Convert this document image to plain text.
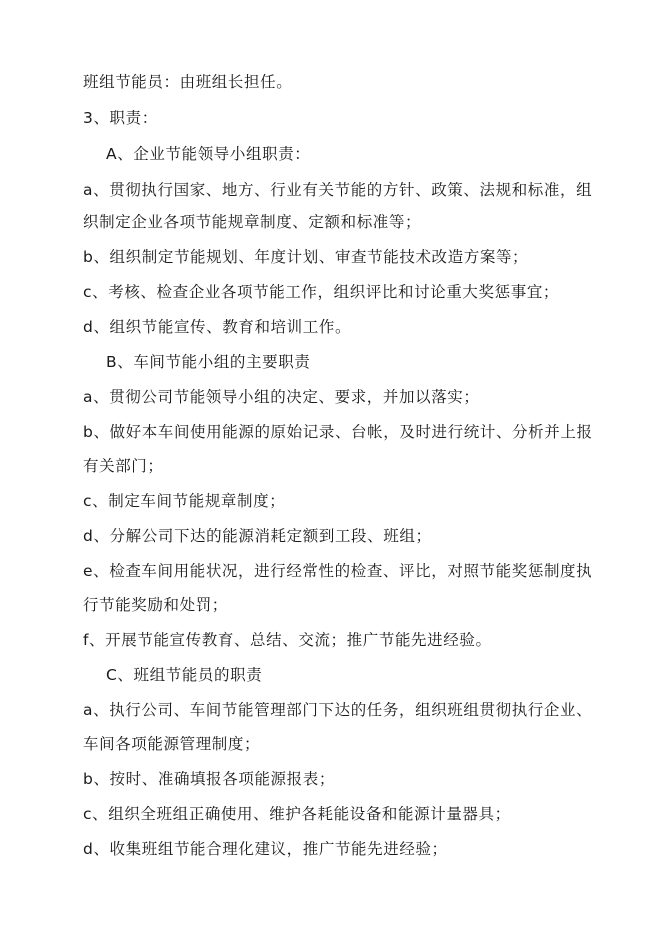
班组节能员：由班组长担任。
3、职责：
A、企业节能领导小组职责：
a、贯彻执行国家、地方、行业有关节能的方针、政策、法规和标准，组
织制定企业各项节能规章制度、定额和标准等；
b、组织制定节能规划、年度计划、审查节能技术改造方案等；
c、考核、检查企业各项节能工作，组织评比和讨论重大奖惩事宜；
d、组织节能宣传、教育和培训工作。
B、车间节能小组的主要职责
a、贯彻公司节能领导小组的决定、要求，并加以落实；
b、做好本车间使用能源的原始记录、台帐，及时进行统计、分析并上报
有关部门；
c、制定车间节能规章制度；
d、分解公司下达的能源消耗定额到工段、班组；
e、检查车间用能状况，进行经常性的检查、评比，对照节能奖惩制度执
行节能奖励和处罚；
f、开展节能宣传教育、总结、交流；推广节能先进经验。
C、班组节能员的职责
a、执行公司、车间节能管理部门下达的任务，组织班组贯彻执行企业、
车间各项能源管理制度；
b、按时、准确填报各项能源报表；
c、组织全班组正确使用、维护各耗能设备和能源计量器具；
d、收集班组节能合理化建议，推广节能先进经验；
